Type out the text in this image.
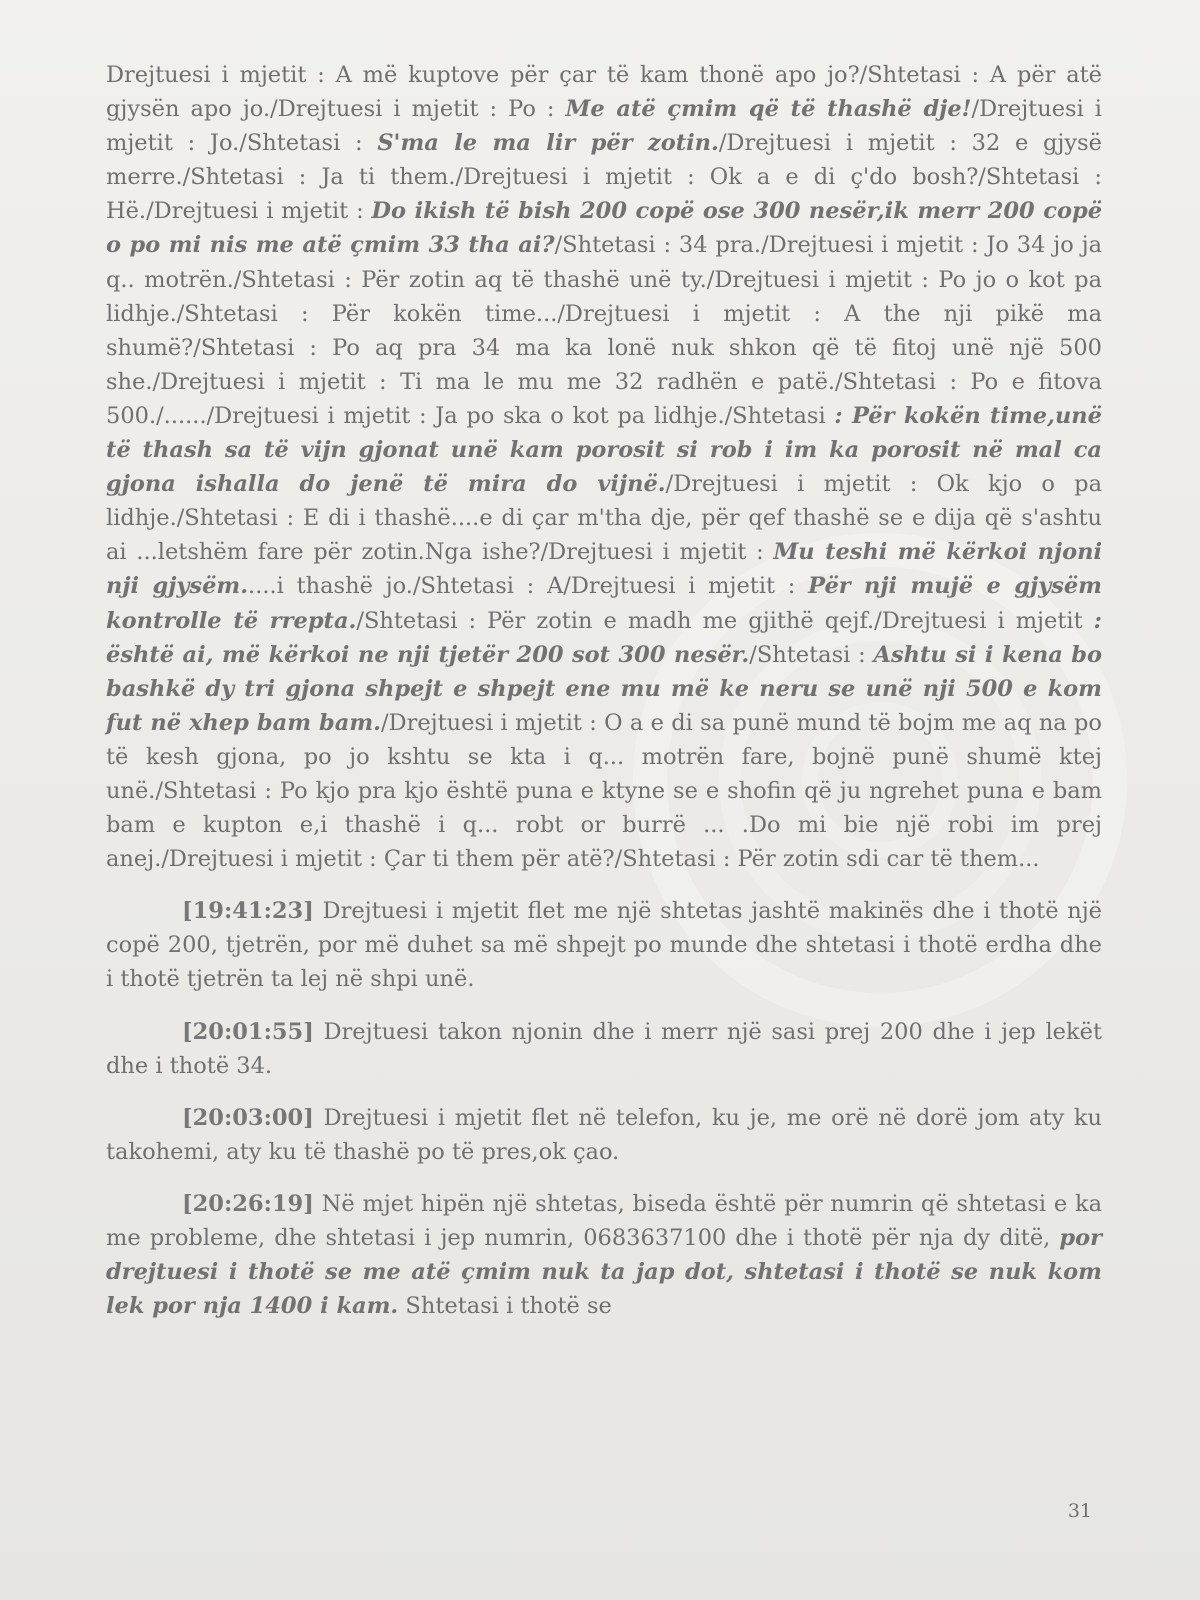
Drejtuesi i mjetit : A më kuptove për çar të kam thonë apo jo?/Shtetasi : A për atë gjysën apo jo./Drejtuesi i mjetit : Po : Me atë çmim që të thashë dje!/Drejtuesi i mjetit : Jo./Shtetasi : S'ma le ma lir për zotin./Drejtuesi i mjetit : 32 e gjysë merre./Shtetasi : Ja ti them./Drejtuesi i mjetit : Ok a e di ç'do bosh?/Shtetasi : Hë./Drejtuesi i mjetit : Do ikish të bish 200 copë ose 300 nesër,ik merr 200 copë o po mi nis me atë çmim 33 tha ai?/Shtetasi : 34 pra./Drejtuesi i mjetit : Jo 34 jo ja q.. motrën./Shtetasi : Për zotin aq të thashë unë ty./Drejtuesi i mjetit : Po jo o kot pa lidhje./Shtetasi : Për kokën time.../Drejtuesi i mjetit : A the nji pikë ma shumë?/Shtetasi : Po aq pra 34 ma ka lonë nuk shkon që të fitoj unë një 500 she./Drejtuesi i mjetit : Ti ma le mu me 32 radhën e patë./Shtetasi : Po e fitova 500./....../Drejtuesi i mjetit : Ja po ska o kot pa lidhje./Shtetasi : Për kokën time,unë të thash sa të vijn gjonat unë kam porosit si rob i im ka porosit në mal ca gjona ishalla do jenë të mira do vijnë./Drejtuesi i mjetit : Ok kjo o pa lidhje./Shtetasi : E di i thashë....e di çar m'tha dje, për qef thashë se e dija që s'ashtu ai ...letshëm fare për zotin.Nga ishe?/Drejtuesi i mjetit : Mu teshi më kërkoi njoni nji gjysëm.....i thashë jo./Shtetasi : A/Drejtuesi i mjetit : Për nji mujë e gjysëm kontrolle të rrepta./Shtetasi : Për zotin e madh me gjithë qejf./Drejtuesi i mjetit : është ai, më kërkoi ne nji tjetër 200 sot 300 nesër./Shtetasi : Ashtu si i kena bo bashkë dy tri gjona shpejt e shpejt ene mu më ke neru se unë nji 500 e kom fut në xhep bam bam./Drejtuesi i mjetit : O a e di sa punë mund të bojm me aq na po të kesh gjona, po jo kshtu se kta i q... motrën fare, bojnë punë shumë ktej unë./Shtetasi : Po kjo pra kjo është puna e ktyne se e shofin që ju ngrehet puna e bam bam e kupton e,i thashë i q... robt or burrë ... .Do mi bie një robi im prej anej./Drejtuesi i mjetit : Çar ti them për atë?/Shtetasi : Për zotin sdi car të them...

[19:41:23] Drejtuesi i mjetit flet me një shtetas jashtë makinës dhe i thotë një copë 200, tjetrën, por më duhet sa më shpejt po munde dhe shtetasi i thotë erdha dhe i thotë tjetrën ta lej në shpi unë.

[20:01:55] Drejtuesi takon njonin dhe i merr një sasi prej 200 dhe i jep lekët dhe i thotë 34.

[20:03:00] Drejtuesi i mjetit flet në telefon, ku je, me orë në dorë jom aty ku takohemi, aty ku të thashë po të pres,ok çao.

[20:26:19] Në mjet hipën një shtetas, biseda është për numrin që shtetasi e ka me probleme, dhe shtetasi i jep numrin, 0683637100 dhe i thotë për nja dy ditë, por drejtuesi i thotë se me atë çmim nuk ta jap dot, shtetasi i thotë se nuk kom lek por nja 1400 i kam. Shtetasi i thotë se

31
